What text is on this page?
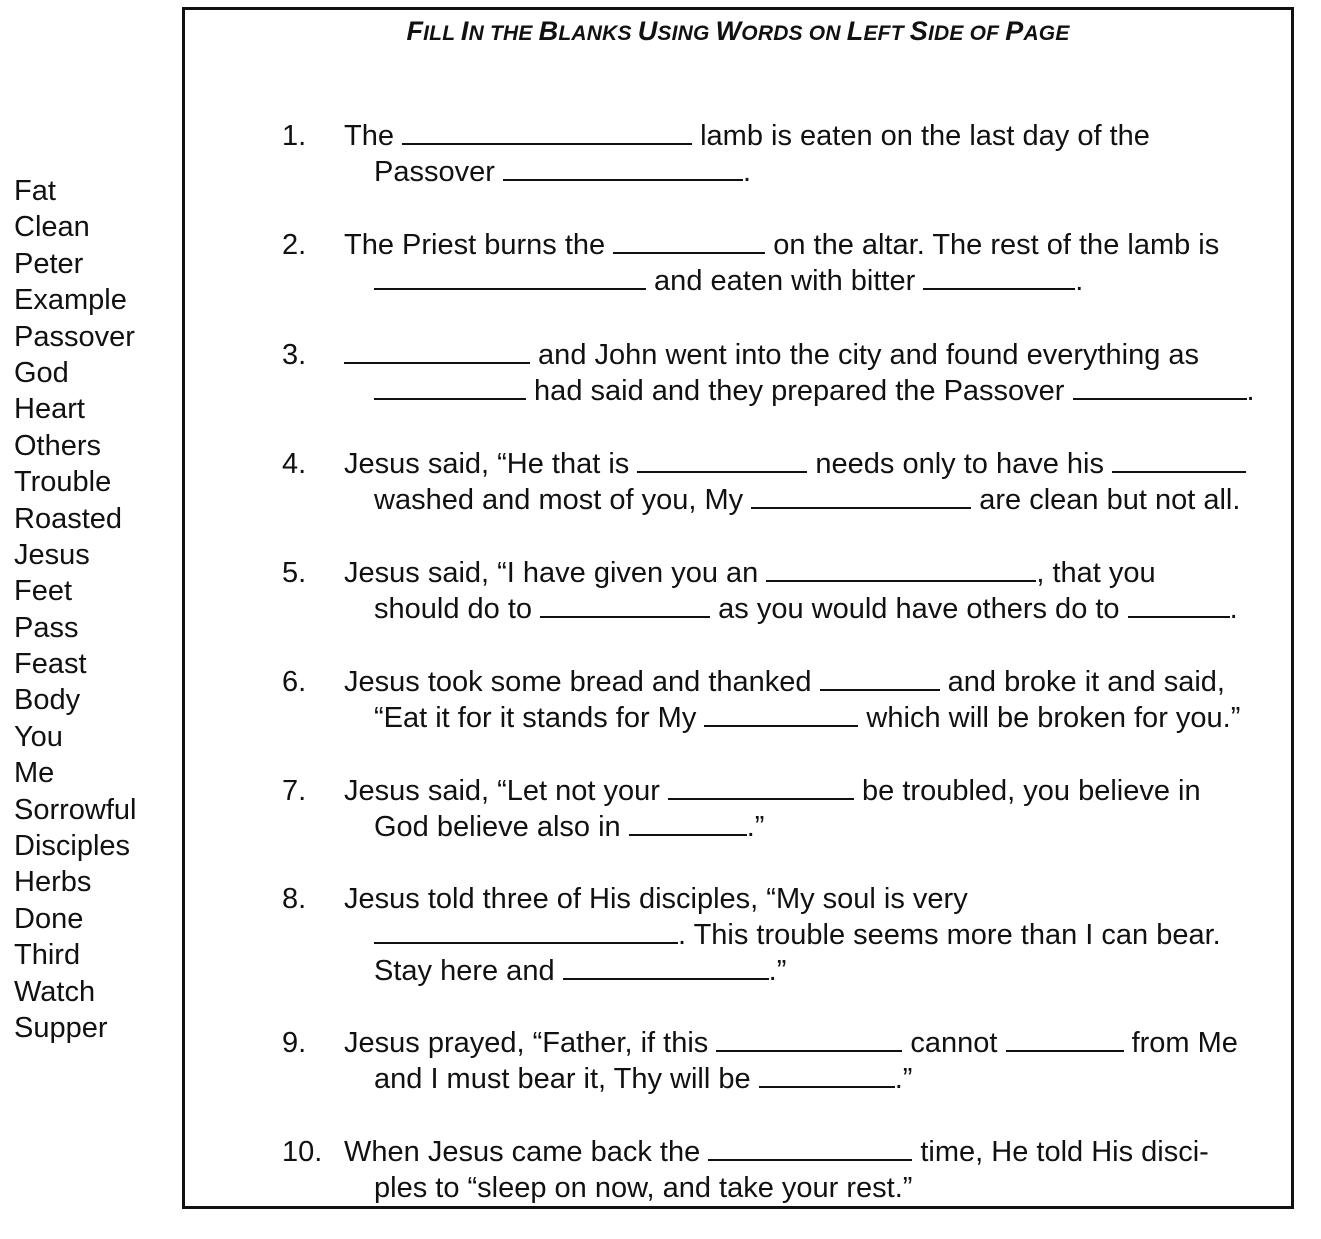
Fat
Clean
Peter
Example
Passover
God
Heart
Others
Trouble
Roasted
Jesus
Feet
Pass
Feast
Body
You
Me
Sorrowful
Disciples
Herbs
Done
Third
Watch
Supper
FILL IN THE BLANKS USING WORDS ON LEFT SIDE OF PAGE
1. The	lamb is eaten on the last day of the
Passover	.
2. The Priest burns the	on the altar. The rest of the lamb is
and eaten with bitter	.
3.	and John went into the city and found everything as
had said and they prepared the Passover	.
4. Jesus said, “He that is	needs only to have his
washed and most of you, My	are clean but not all.
5. Jesus said, “I have given you an	, that you
should do to	as you would have others do to	.
6. Jesus took some bread and thanked	and broke it and said,
“Eat it for it stands for My	which will be broken for you.”
7. Jesus said, “Let not your	be troubled, you believe in
God believe also in	.”
8. Jesus told three of His disciples, “My soul is very
. This trouble seems more than I can bear.
Stay here and	.”
9. Jesus prayed, “Father, if this	cannot	from Me
and I must bear it, Thy will be	.”
10. When Jesus came back the	time, He told His disci-
ples to “sleep on now, and take your rest.”
